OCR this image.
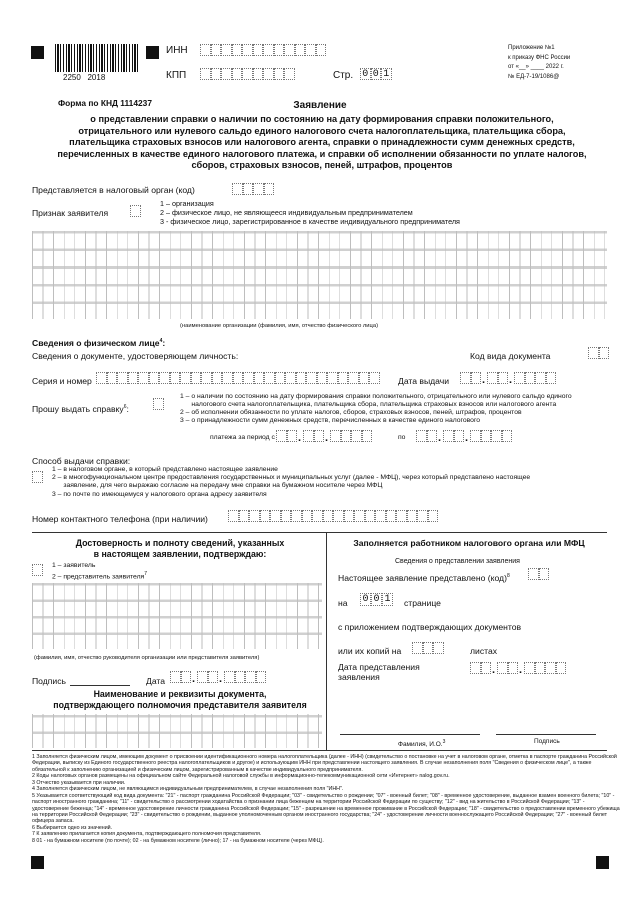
2250   2018
ИНН
КПП	Стр. 0 0 1
Приложение №1
к приказу ФНС России
от «__» ____ 2022 г.
№ ЕД-7-19/1086@
Форма по КНД 1114237	Заявление
о представлении справки о наличии по состоянию на дату формирования справки положительного, отрицательного или нулевого сальдо единого налогового счета налогоплательщика, плательщика сбора, плательщика страховых взносов или налогового агента, справки о принадлежности сумм денежных средств, перечисленных в качестве единого налогового платежа, и справки об исполнении обязанности по уплате налогов, сборов, страховых взносов, пеней, штрафов, процентов
Представляется в налоговый орган (код)
Признак заявителя
1 – организация
2 – физическое лицо, не являющееся индивидуальным предпринимателем
3 - физическое лицо, зарегистрированное в качестве индивидуального предпринимателя
(наименование организации (фамилия, имя, отчество физического лица)
Сведения о физическом лице$^4$:
Сведения о документе, удостоверяющем личность:	Код вида документа
Серия и номер	Дата выдачи
.
.
Прошу выдать справку$^6$:
1 – о наличии по состоянию на дату формирования справки положительного, отрицательного или нулевого сальдо единого
налогового счета налогоплательщика, плательщика сбора, плательщика страховых взносов или налогового агента
2 – об исполнении обязанности по уплате налогов, сборов, страховых взносов, пеней, штрафов, процентов
3 – о принадлежности сумм денежных средств, перечисленных в качестве единого налогового
платежа за период с . .	по
.
.
Способ выдачи справки:
1 – в налоговом органе, в который представлено настоящее заявление
2 – в многофункциональном центре предоставления государственных и муниципальных услуг (далее - МФЦ), через который представлено настоящее
заявление, для чего выражаю согласие на передачу мне справки на бумажном носителе через МФЦ
3 – по почте по имеющемуся у налогового органа адресу заявителя
Номер контактного телефона (при наличии)
Достоверность и полноту сведений, указанных
в настоящем заявлении, подтверждаю:
1 – заявитель
2 – представитель заявителя$^7$
(фамилия, имя, отчество руководителя организации или представителя заявителя)
Подпись	Дата
.
.
Наименование и реквизиты документа,
подтверждающего полномочия представителя заявителя
Заполняется работником налогового органа или МФЦ
Сведения о представлении заявления
Настоящее заявление представлено (код)$^8$
на 0 0 1 странице
с приложением подтверждающих документов
или их копий на	листах
Дата представления
заявления
.
.
Фамилия, И.О.$^3$	Подпись
1 Заполняется физическим лицом, имеющим документ о присвоении идентификационного номера налогоплательщика (далее - ИНН) (свидетельство о постановке на учет в налоговом органе, отметка в паспорте гражданина Российской Федерации, выписку из Единого государственного реестра налогоплательщиков и другое) и использующим ИНН при представлении настоящего заявления. В случае незаполнения поля "Сведения о физическом лице", а также обязательной к заполнению организацией и физическим лицом, зарегистрированным в качестве индивидуального предпринимателя.
2 Коды налоговых органов размещены на официальном сайте Федеральной налоговой службы в информационно-телекоммуникационной сети «Интернет» nalog.gov.ru.
3 Отчество указывается при наличии.
4 Заполняется физическим лицом, не являющимся индивидуальным предпринимателем, в случае незаполнения поля "ИНН".
5 Указывается соответствующий код вида документа: "21" - паспорт гражданина Российской Федерации; "03" - свидетельство о рождении; "07" - военный билет; "08" - временное удостоверение, выданное взамен военного билета; "10" - паспорт иностранного гражданина; "11" - свидетельство о рассмотрении ходатайства о признании лица беженцем на территории Российской Федерации по существу; "12" - вид на жительство в Российской Федерации; "13" - удостоверение беженца; "14" - временное удостоверение личности гражданина Российской Федерации; "15" - разрешение на временное проживание в Российской Федерации; "18" - свидетельство о предоставлении временного убежища на территории Российской Федерации; "23" - свидетельство о рождении, выданное уполномоченным органом иностранного государства; "24" - удостоверение личности военнослужащего Российской Федерации; "27" - военный билет офицера запаса.
6 Выбирается одно из значений.
7 К заявлению прилагается копия документа, подтверждающего полномочия представителя.
8 01 - на бумажном носителе (по почте); 02 - на бумажном носителе (лично); 17 - на бумажном носителе (через МФЦ).
